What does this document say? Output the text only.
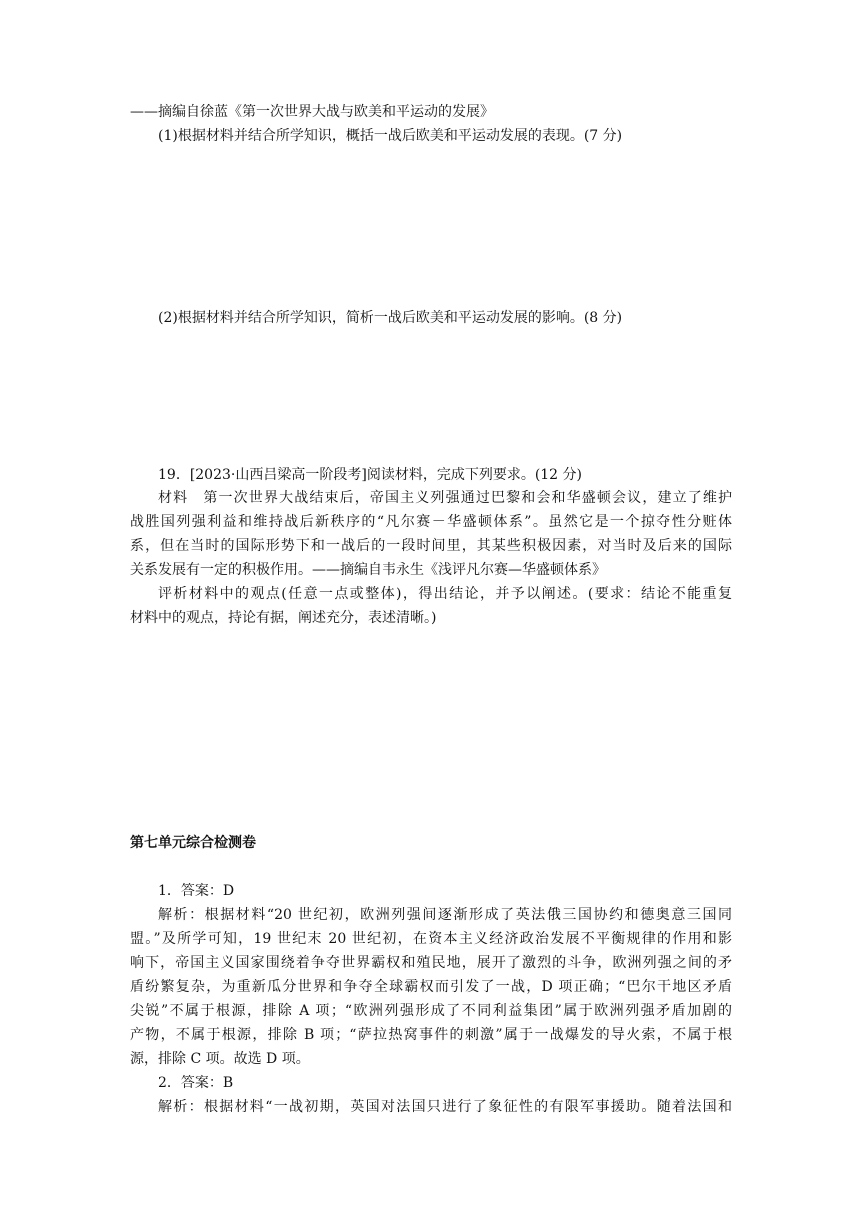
——摘编自徐蓝《第一次世界大战与欧美和平运动的发展》
(1)根据材料并结合所学知识，概括一战后欧美和平运动发展的表现。(7 分)
(2)根据材料并结合所学知识，简析一战后欧美和平运动发展的影响。(8 分)
19．[2023·山西吕梁高一阶段考]阅读材料，完成下列要求。(12 分)
材料　第一次世界大战结束后，帝国主义列强通过巴黎和会和华盛顿会议，建立了维护
战胜国列强利益和维持战后新秩序的“凡尔赛－华盛顿体系”。虽然它是一个掠夺性分赃体
系，但在当时的国际形势下和一战后的一段时间里，其某些积极因素，对当时及后来的国际
关系发展有一定的积极作用。——摘编自韦永生《浅评凡尔赛—华盛顿体系》
评析材料中的观点(任意一点或整体)，得出结论，并予以阐述。(要求：结论不能重复
材料中的观点，持论有据，阐述充分，表述清晰。)
第七单元综合检测卷
1．答案：D
解析：根据材料“20 世纪初，欧洲列强间逐渐形成了英法俄三国协约和德奥意三国同
盟。”及所学可知，19 世纪末 20 世纪初，在资本主义经济政治发展不平衡规律的作用和影
响下，帝国主义国家围绕着争夺世界霸权和殖民地，展开了激烈的斗争，欧洲列强之间的矛
盾纷繁复杂，为重新瓜分世界和争夺全球霸权而引发了一战，D 项正确；“巴尔干地区矛盾
尖锐”不属于根源，排除 A 项；“欧洲列强形成了不同利益集团”属于欧洲列强矛盾加剧的
产物，不属于根源，排除 B 项；“萨拉热窝事件的刺激”属于一战爆发的导火索，不属于根
源，排除 C 项。故选 D 项。
2．答案：B
解析：根据材料“一战初期，英国对法国只进行了象征性的有限军事援助。随着法国和
